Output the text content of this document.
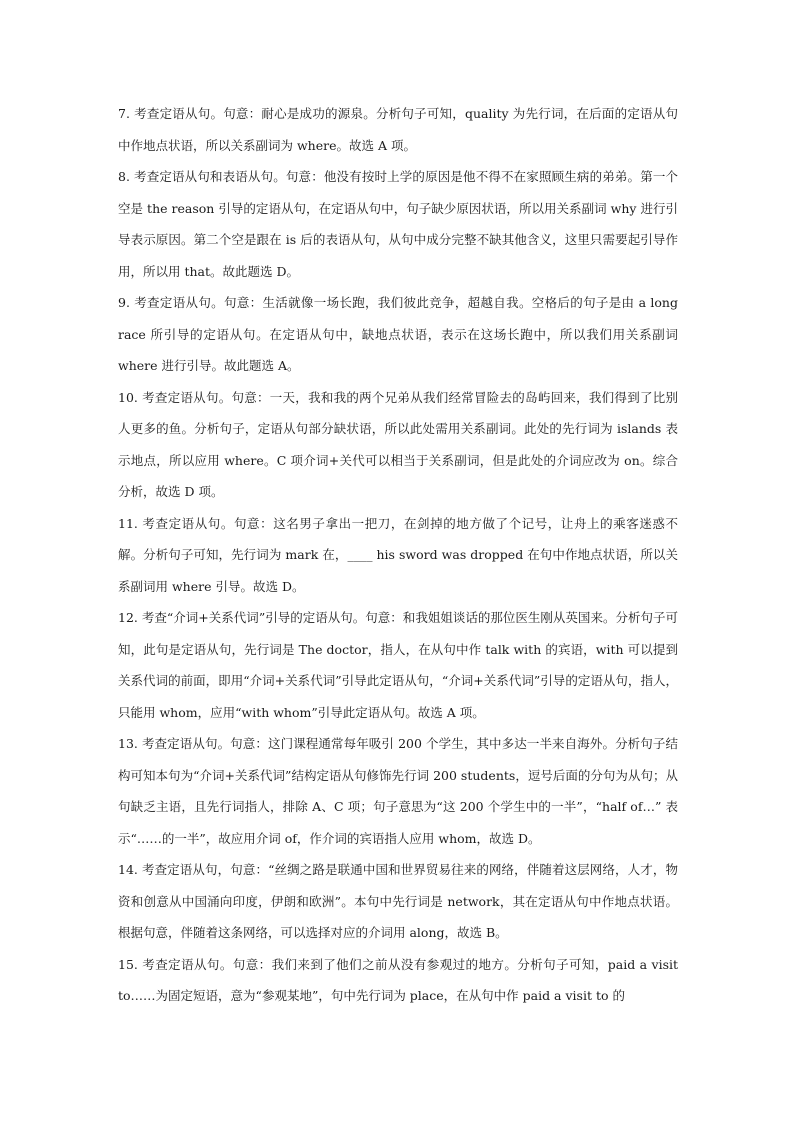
7. 考查定语从句。句意：耐心是成功的源泉。分析句子可知，quality 为先行词，在后面的定语从句中作地点状语，所以关系副词为 where。故选 A 项。

8. 考查定语从句和表语从句。句意：他没有按时上学的原因是他不得不在家照顾生病的弟弟。第一个空是 the reason 引导的定语从句，在定语从句中，句子缺少原因状语，所以用关系副词 why 进行引导表示原因。第二个空是跟在 is 后的表语从句，从句中成分完整不缺其他含义，这里只需要起引导作用，所以用 that。故此题选 D。

9. 考查定语从句。句意：生活就像一场长跑，我们彼此竞争，超越自我。空格后的句子是由 a long race 所引导的定语从句。在定语从句中，缺地点状语，表示在这场长跑中，所以我们用关系副词 where 进行引导。故此题选 A。

10. 考查定语从句。句意：一天，我和我的两个兄弟从我们经常冒险去的岛屿回来，我们得到了比别人更多的鱼。分析句子，定语从句部分缺状语，所以此处需用关系副词。此处的先行词为 islands 表示地点，所以应用 where。C 项介词+关代可以相当于关系副词，但是此处的介词应改为 on。综合分析，故选 D 项。

11. 考查定语从句。句意：这名男子拿出一把刀，在剑掉的地方做了个记号，让舟上的乘客迷惑不解。分析句子可知，先行词为 mark 在，____ his sword was dropped 在句中作地点状语，所以关系副词用 where 引导。故选 D。

12. 考查“介词+关系代词”引导的定语从句。句意：和我姐姐谈话的那位医生刚从英国来。分析句子可知，此句是定语从句，先行词是 The doctor，指人，在从句中作 talk with 的宾语，with 可以提到关系代词的前面，即用“介词+关系代词”引导此定语从句，“介词+关系代词”引导的定语从句，指人，只能用 whom，应用“with whom”引导此定语从句。故选 A 项。

13. 考查定语从句。句意：这门课程通常每年吸引 200 个学生，其中多达一半来自海外。分析句子结构可知本句为“介词+关系代词”结构定语从句修饰先行词 200 students，逗号后面的分句为从句；从句缺乏主语，且先行词指人，排除 A、C 项；句子意思为“这 200 个学生中的一半”，“half of…” 表示“……的一半”，故应用介词 of，作介词的宾语指人应用 whom，故选 D。

14. 考查定语从句，句意：“丝绸之路是联通中国和世界贸易往来的网络，伴随着这层网络，人才，物资和创意从中国涌向印度，伊朗和欧洲”。本句中先行词是 network，其在定语从句中作地点状语。根据句意，伴随着这条网络，可以选择对应的介词用 along，故选 B。

15. 考查定语从句。句意：我们来到了他们之前从没有参观过的地方。分析句子可知，paid a visit to……为固定短语，意为“参观某地”，句中先行词为 place，在从句中作 paid a visit to 的
